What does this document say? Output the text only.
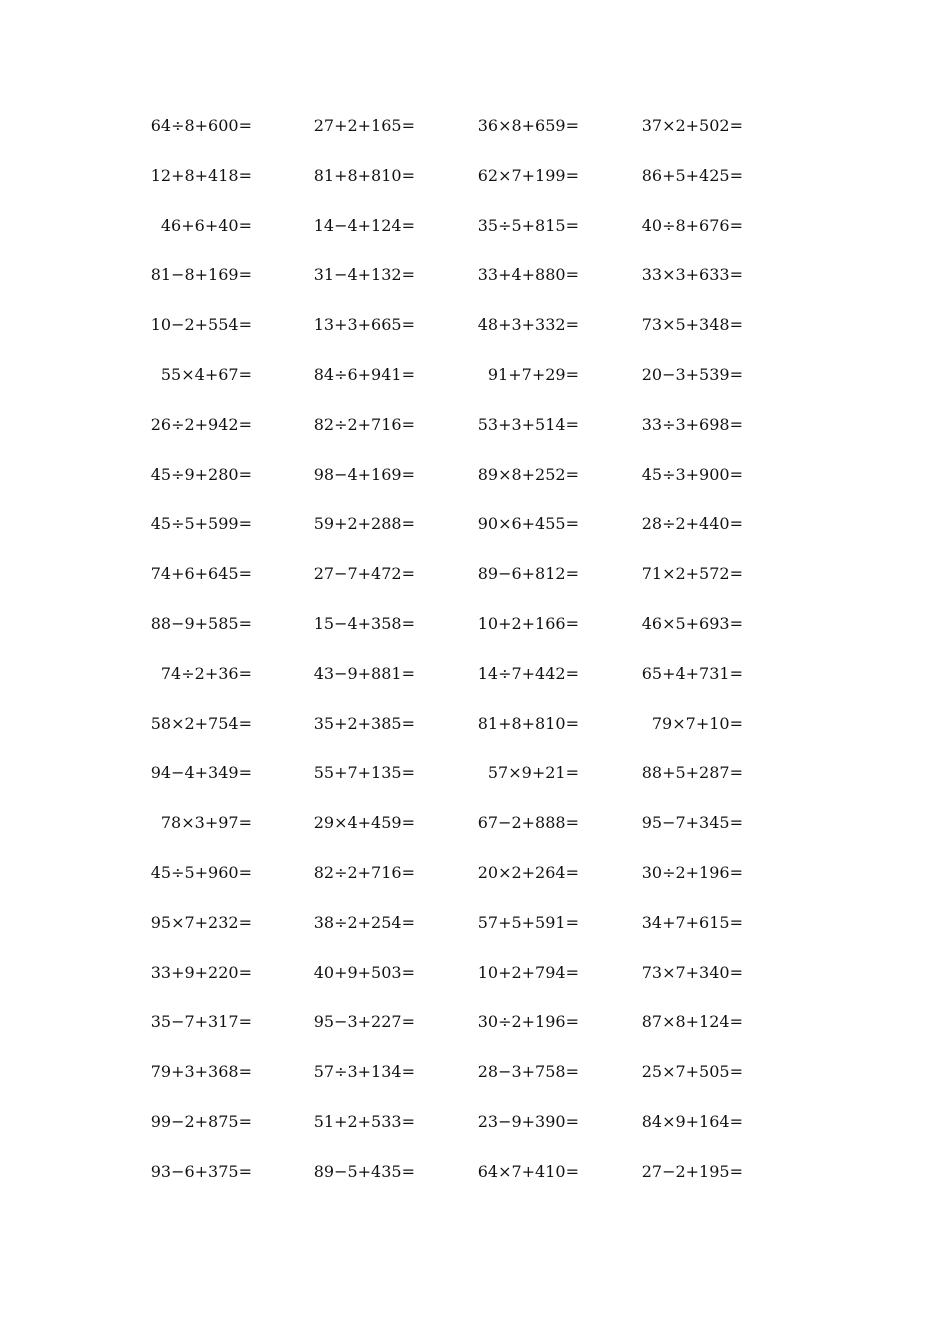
64÷8+600=	27+2+165=	36×8+659=	37×2+502=
12+8+418=	81+8+810=	62×7+199=	86+5+425=
46+6+40=	14−4+124=	35÷5+815=	40÷8+676=
81−8+169=	31−4+132=	33+4+880=	33×3+633=
10−2+554=	13+3+665=	48+3+332=	73×5+348=
55×4+67=	84÷6+941=	91+7+29=	20−3+539=
26÷2+942=	82÷2+716=	53+3+514=	33÷3+698=
45÷9+280=	98−4+169=	89×8+252=	45÷3+900=
45÷5+599=	59+2+288=	90×6+455=	28÷2+440=
74+6+645=	27−7+472=	89−6+812=	71×2+572=
88−9+585=	15−4+358=	10+2+166=	46×5+693=
74÷2+36=	43−9+881=	14÷7+442=	65+4+731=
58×2+754=	35+2+385=	81+8+810=	79×7+10=
94−4+349=	55+7+135=	57×9+21=	88+5+287=
78×3+97=	29×4+459=	67−2+888=	95−7+345=
45÷5+960=	82÷2+716=	20×2+264=	30÷2+196=
95×7+232=	38÷2+254=	57+5+591=	34+7+615=
33+9+220=	40+9+503=	10+2+794=	73×7+340=
35−7+317=	95−3+227=	30÷2+196=	87×8+124=
79+3+368=	57÷3+134=	28−3+758=	25×7+505=
99−2+875=	51+2+533=	23−9+390=	84×9+164=
93−6+375=	89−5+435=	64×7+410=	27−2+195=
